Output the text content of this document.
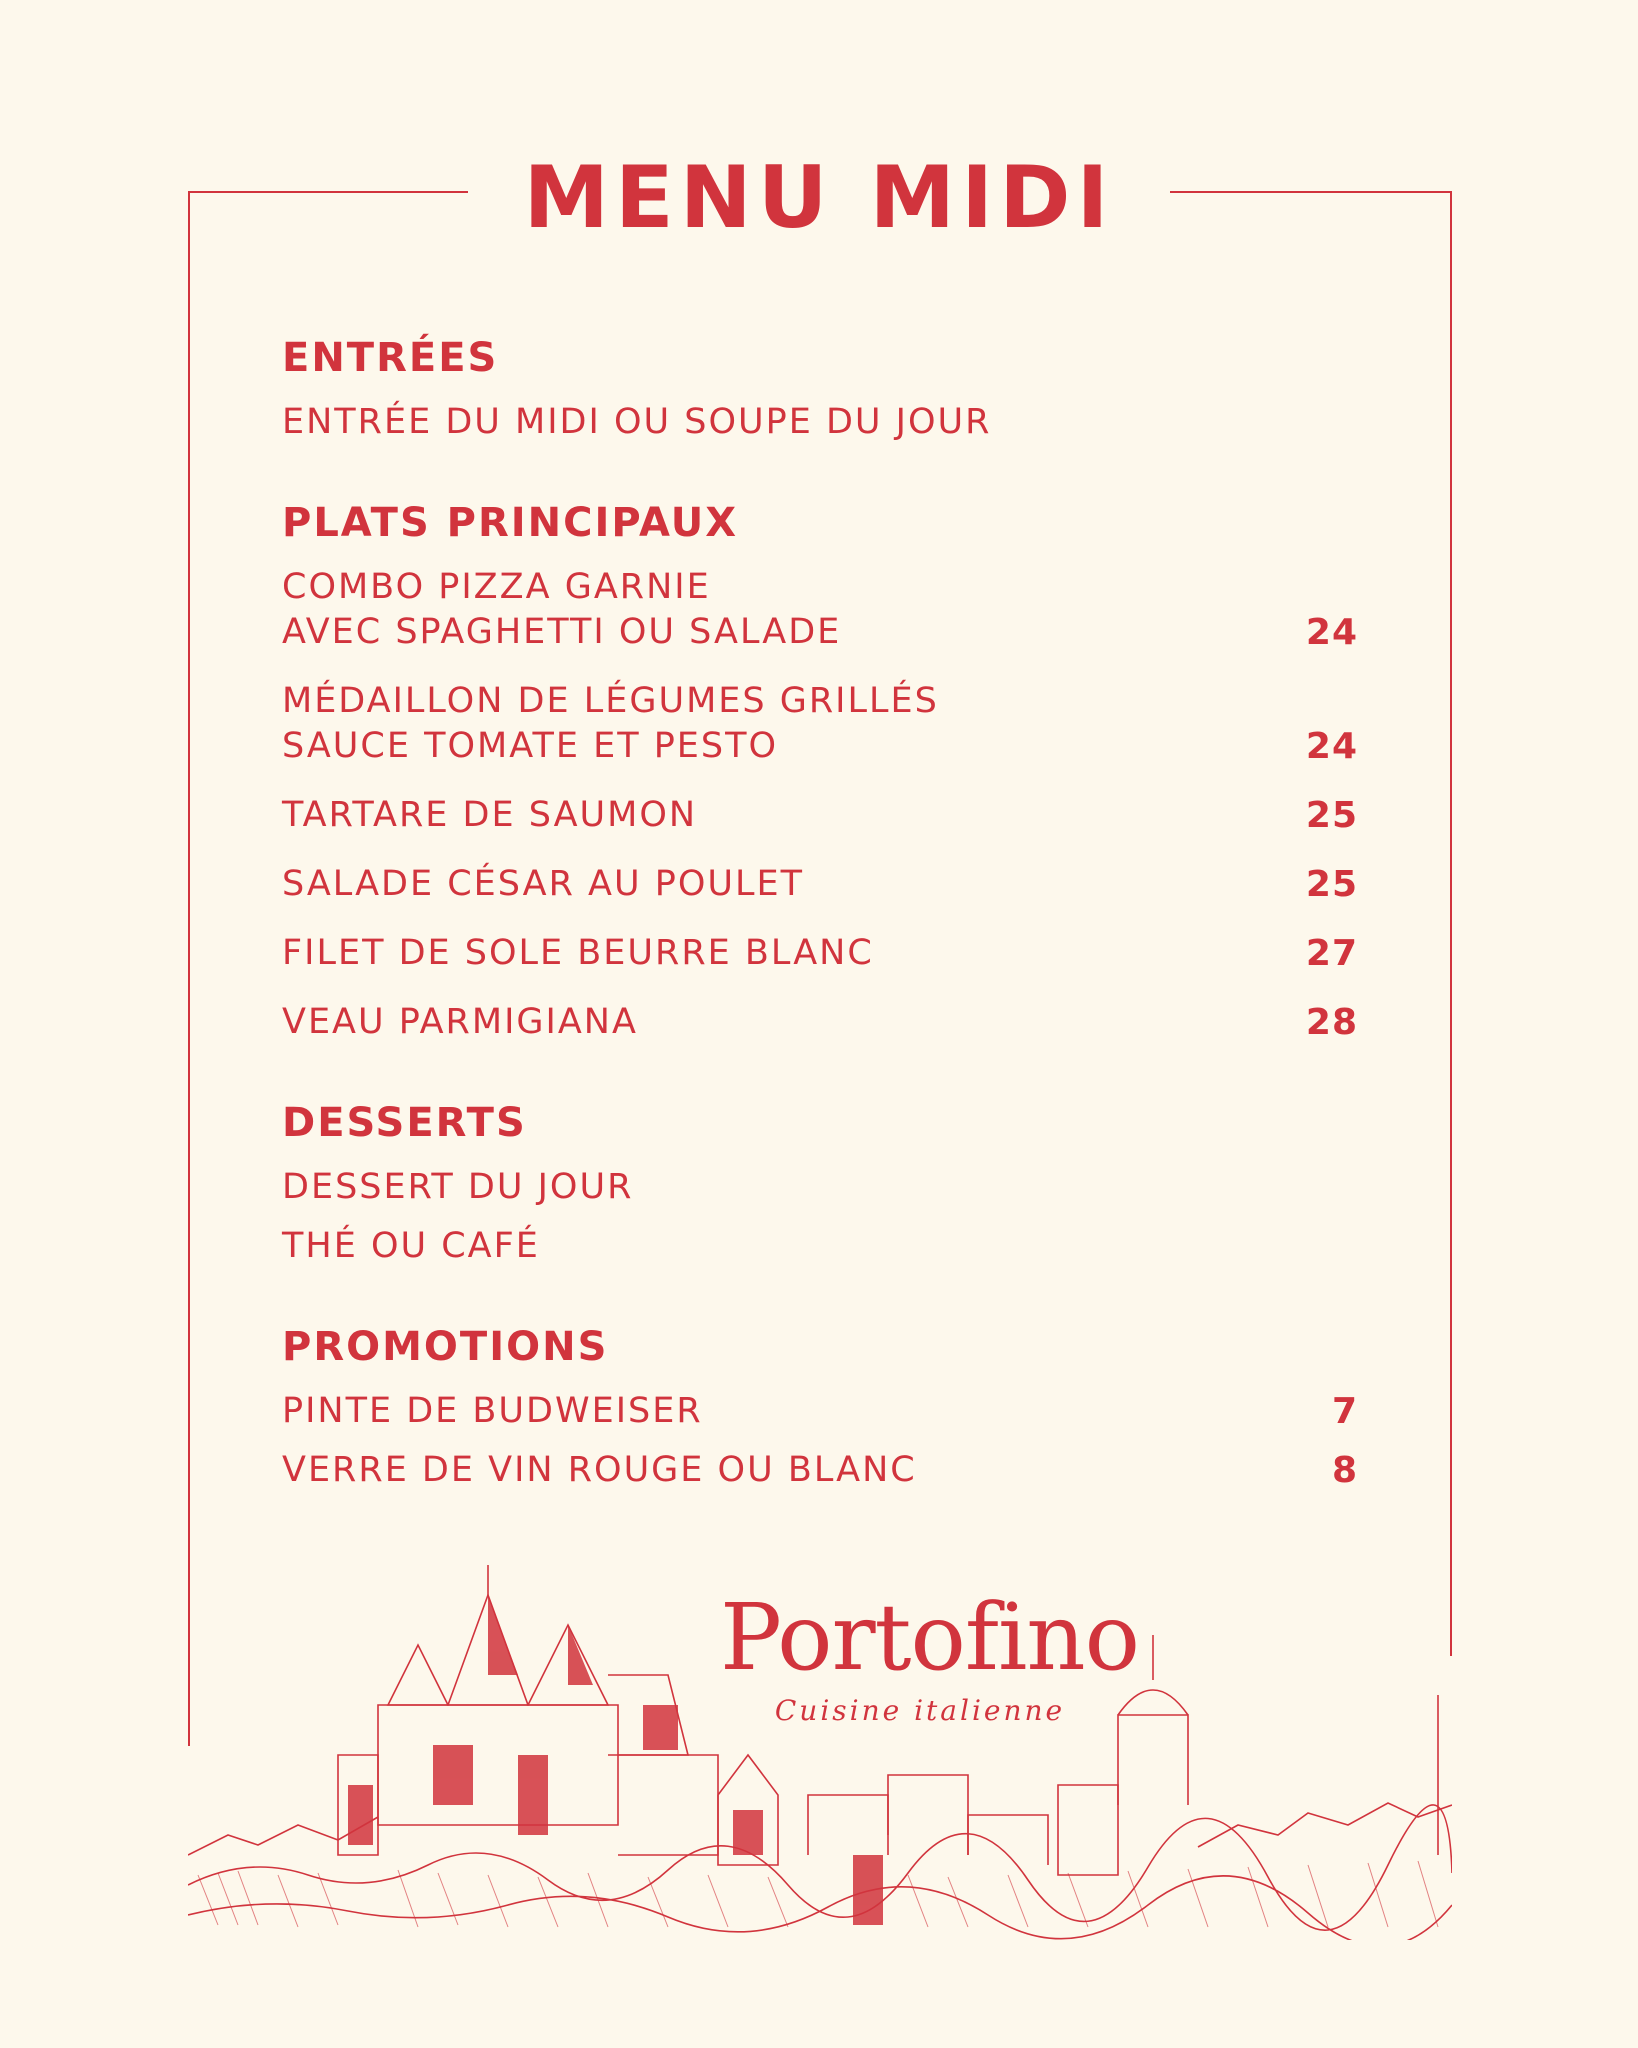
MENU MIDI
ENTRÉES
ENTRÉE DU MIDI OU SOUPE DU JOUR
PLATS PRINCIPAUX
COMBO PIZZA GARNIE
AVEC SPAGHETTI OU SALADE	24
MÉDAILLON DE LÉGUMES GRILLÉS
SAUCE TOMATE ET PESTO	24
TARTARE DE SAUMON	25
SALADE CÉSAR AU POULET	25
FILET DE SOLE BEURRE BLANC	27
VEAU PARMIGIANA	28
DESSERTS
DESSERT DU JOUR
THÉ OU CAFÉ
PROMOTIONS
PINTE DE BUDWEISER	7
VERRE DE VIN ROUGE OU BLANC	8
Portofino
Cuisine italienne
